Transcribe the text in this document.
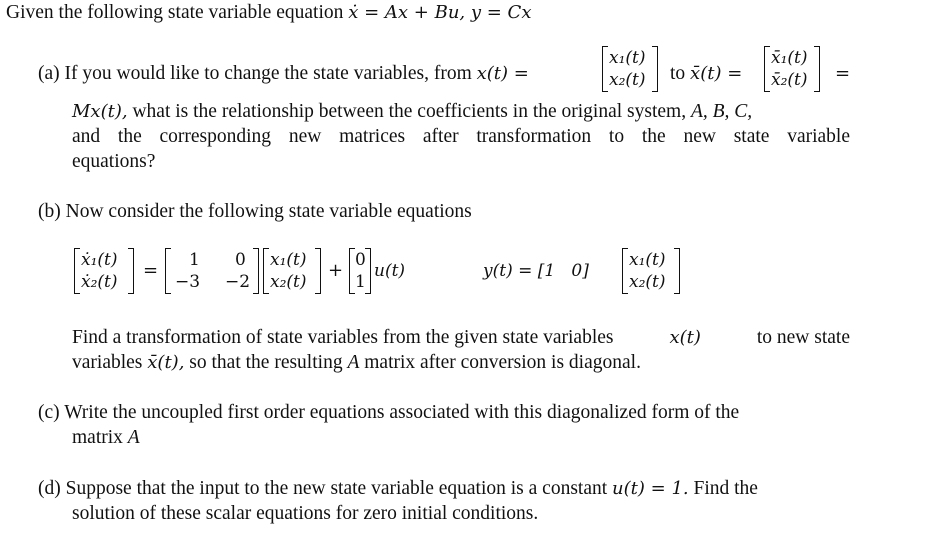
Given the following state variable equation ẋ = Ax + Bu, y = Cx
(a) If you would like to change the state variables, from x(t) =
x₁(t)
x₂(t) to x̄(t) =
x̄₁(t)
x̄₂(t) =
Mx(t), what is the relationship between the coefficients in the original system, A, B, C,
and the corresponding new matrices after transformation to the new state variable
equations?
(b) Now consider the following state variable equations
ẋ₁(t)
ẋ₂(t)
= 1 0
−3 −2
x₁(t)
x₂(t)
+ 0
1
u(t)	y(t) = [1   0]
x₁(t)
x₂(t)
Find a transformation of state variables from the given state variables	x(t)	to new state
variables x̄(t), so that the resulting A matrix after conversion is diagonal.
(c) Write the uncoupled first order equations associated with this diagonalized form of the
matrix A
(d) Suppose that the input to the new state variable equation is a constant u(t) = 1. Find the
solution of these scalar equations for zero initial conditions.
